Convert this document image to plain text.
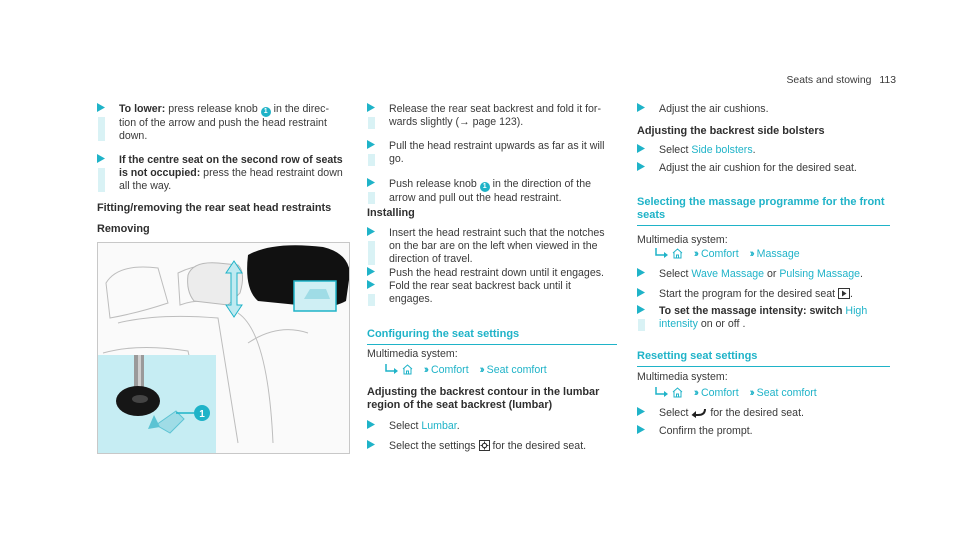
Seats and stowing 113
To lower: press release knob 1 in the direc-
tion of the arrow and push the head restraint
down.
If the centre seat on the second row of seats
is not occupied: press the head restraint down
all the way.
Fitting/removing the rear seat head restraints
Removing
1
Release the rear seat backrest and fold it for-
wards slightly (→ page 123).
Pull the head restraint upwards as far as it will
go.
Push release knob 1 in the direction of the
arrow and pull out the head restraint.
Installing
Insert the head restraint such that the notches
on the bar are on the left when viewed in the
direction of travel.
Push the head restraint down until it engages.
Fold the rear seat backrest back until it
engages.
Configuring the seat settings
Multimedia system:
›› Comfort ›› Seat comfort
Adjusting the backrest contour in the lumbar
region of the seat backrest (lumbar)
Select Lumbar.
Select the settings  for the desired seat.
Adjust the air cushions.
Adjusting the backrest side bolsters
Select Side bolsters.
Adjust the air cushion for the desired seat.
Selecting the massage programme for the front
seats
Multimedia system:
›› Comfort ›› Massage
Select Wave Massage or Pulsing Massage.
Start the program for the desired seat .
To set the massage intensity: switch High
intensity on or off .
Resetting seat settings
Multimedia system:
›› Comfort ›› Seat comfort
Select  for the desired seat.
Confirm the prompt.
